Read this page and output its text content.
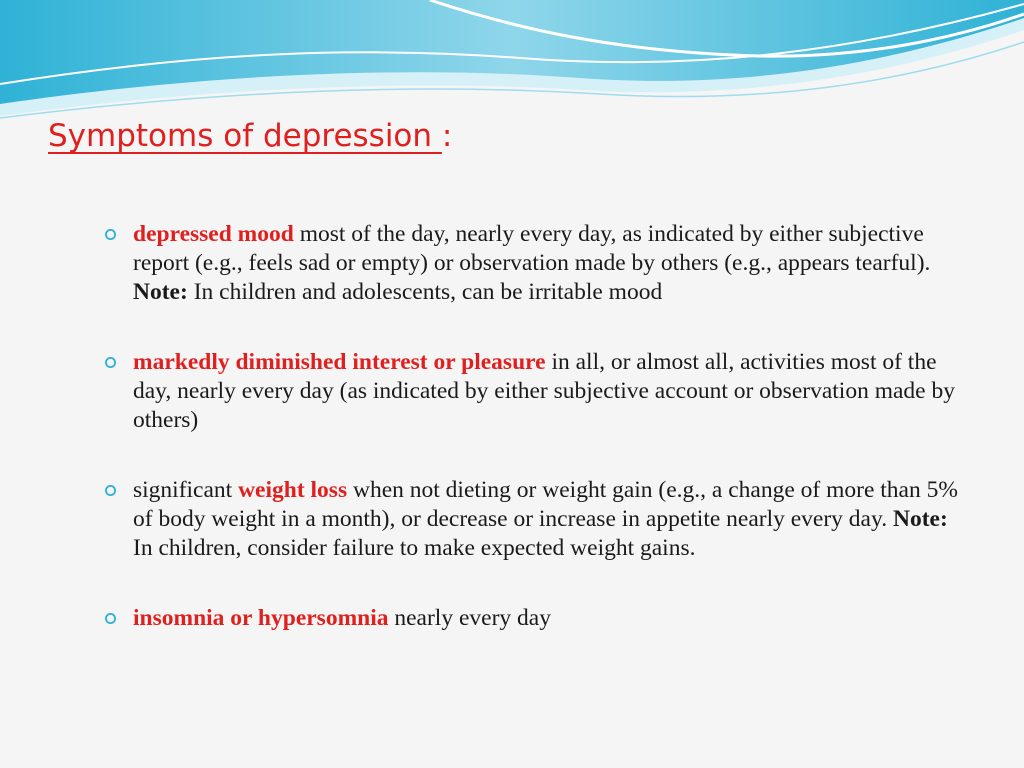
Symptoms of depression :
depressed mood most of the day, nearly every day, as indicated by either subjective report (e.g., feels sad or empty) or observation made by others (e.g., appears tearful). Note: In children and adolescents, can be irritable mood
markedly diminished interest or pleasure in all, or almost all, activities most of the day, nearly every day (as indicated by either subjective account or observation made by others)
significant weight loss when not dieting or weight gain (e.g., a change of more than 5% of body weight in a month), or decrease or increase in appetite nearly every day. Note: In children, consider failure to make expected weight gains.
insomnia or hypersomnia nearly every day
